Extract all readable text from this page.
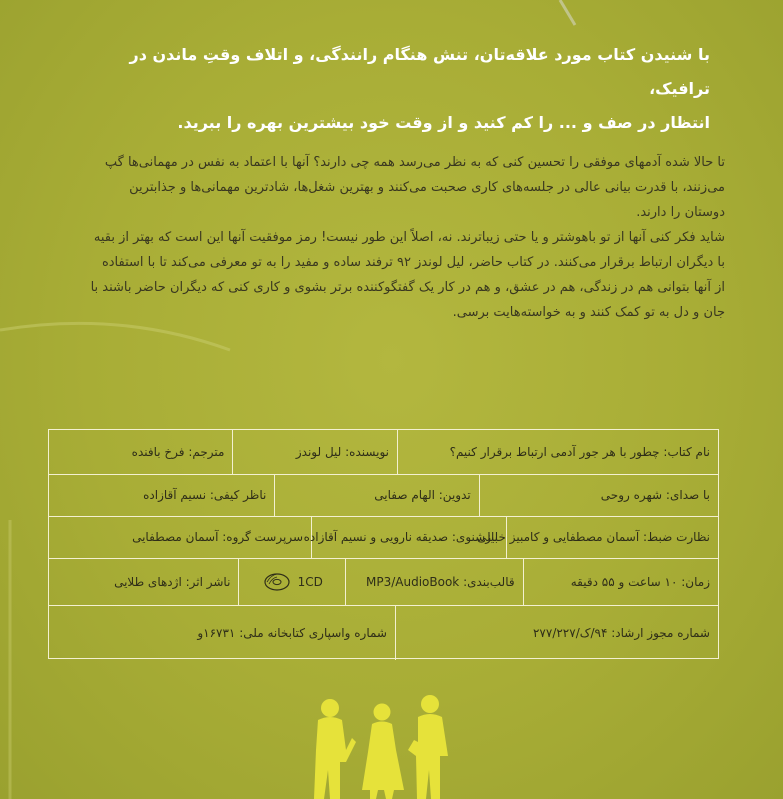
با شنیدن کتاب مورد علاقه‌تان، تنش هنگام رانندگی، و اتلاف وقتِ ماندن در ترافیک،
انتظار در صف و ... را کم کنید و از وقت خود بیشترین بهره را ببرید.

تا حالا شده آدمهای موفقی را تحسین کنی که به نظر می‌رسد همه چی دارند؟ آنها با اعتماد به نفس در مهمانی‌ها گپ می‌زنند، با قدرت بیانی عالی در جلسه‌های کاری صحبت می‌کنند و بهترین شغل‌ها، شادترین مهمانی‌ها و جذابترین دوستان را دارند.

شاید فکر کنی آنها از تو باهوشتر و یا حتی زیباترند. نه، اصلاً این طور نیست! رمز موفقیت آنها این است که بهتر از بقیه با دیگران ارتباط برقرار می‌کنند. در کتاب حاضر، لیل لوندز ۹۲ ترفند ساده و مفید را به تو معرفی می‌کند تا با استفاده از آنها بتوانی هم در زندگی، هم در عشق، و هم در کار یک گفتگوکننده برتر بشوی و کاری کنی که دیگران حاضر باشند با جان و دل به تو کمک کنند و به خواسته‌هایت برسی.

نام کتاب: چطور با هر جور آدمی ارتباط برقرار کنیم؟
نویسنده: لیل لوندز
مترجم: فرخ بافنده
با صدای: شهره روحی
تدوین: الهام صفایی
ناظر کیفی: نسیم آقازاده
نظارت ضبط: آسمان مصطفایی و کامبیز خلیلی
بازشنوی: صدیقه نارویی و نسیم آقازاده
سرپرست گروه: آسمان مصطفایی
زمان: ۱۰ ساعت و ۵۵ دقیقه
قالب‌بندی: MP3/AudioBook
1CD
ناشر اثر: اژدهای طلایی
شماره مجوز ارشاد: ۹۴/ک/۲۷۷/۲۲۷
شماره واسپاری کتابخانه ملی: ۱۶۷۳۱و
